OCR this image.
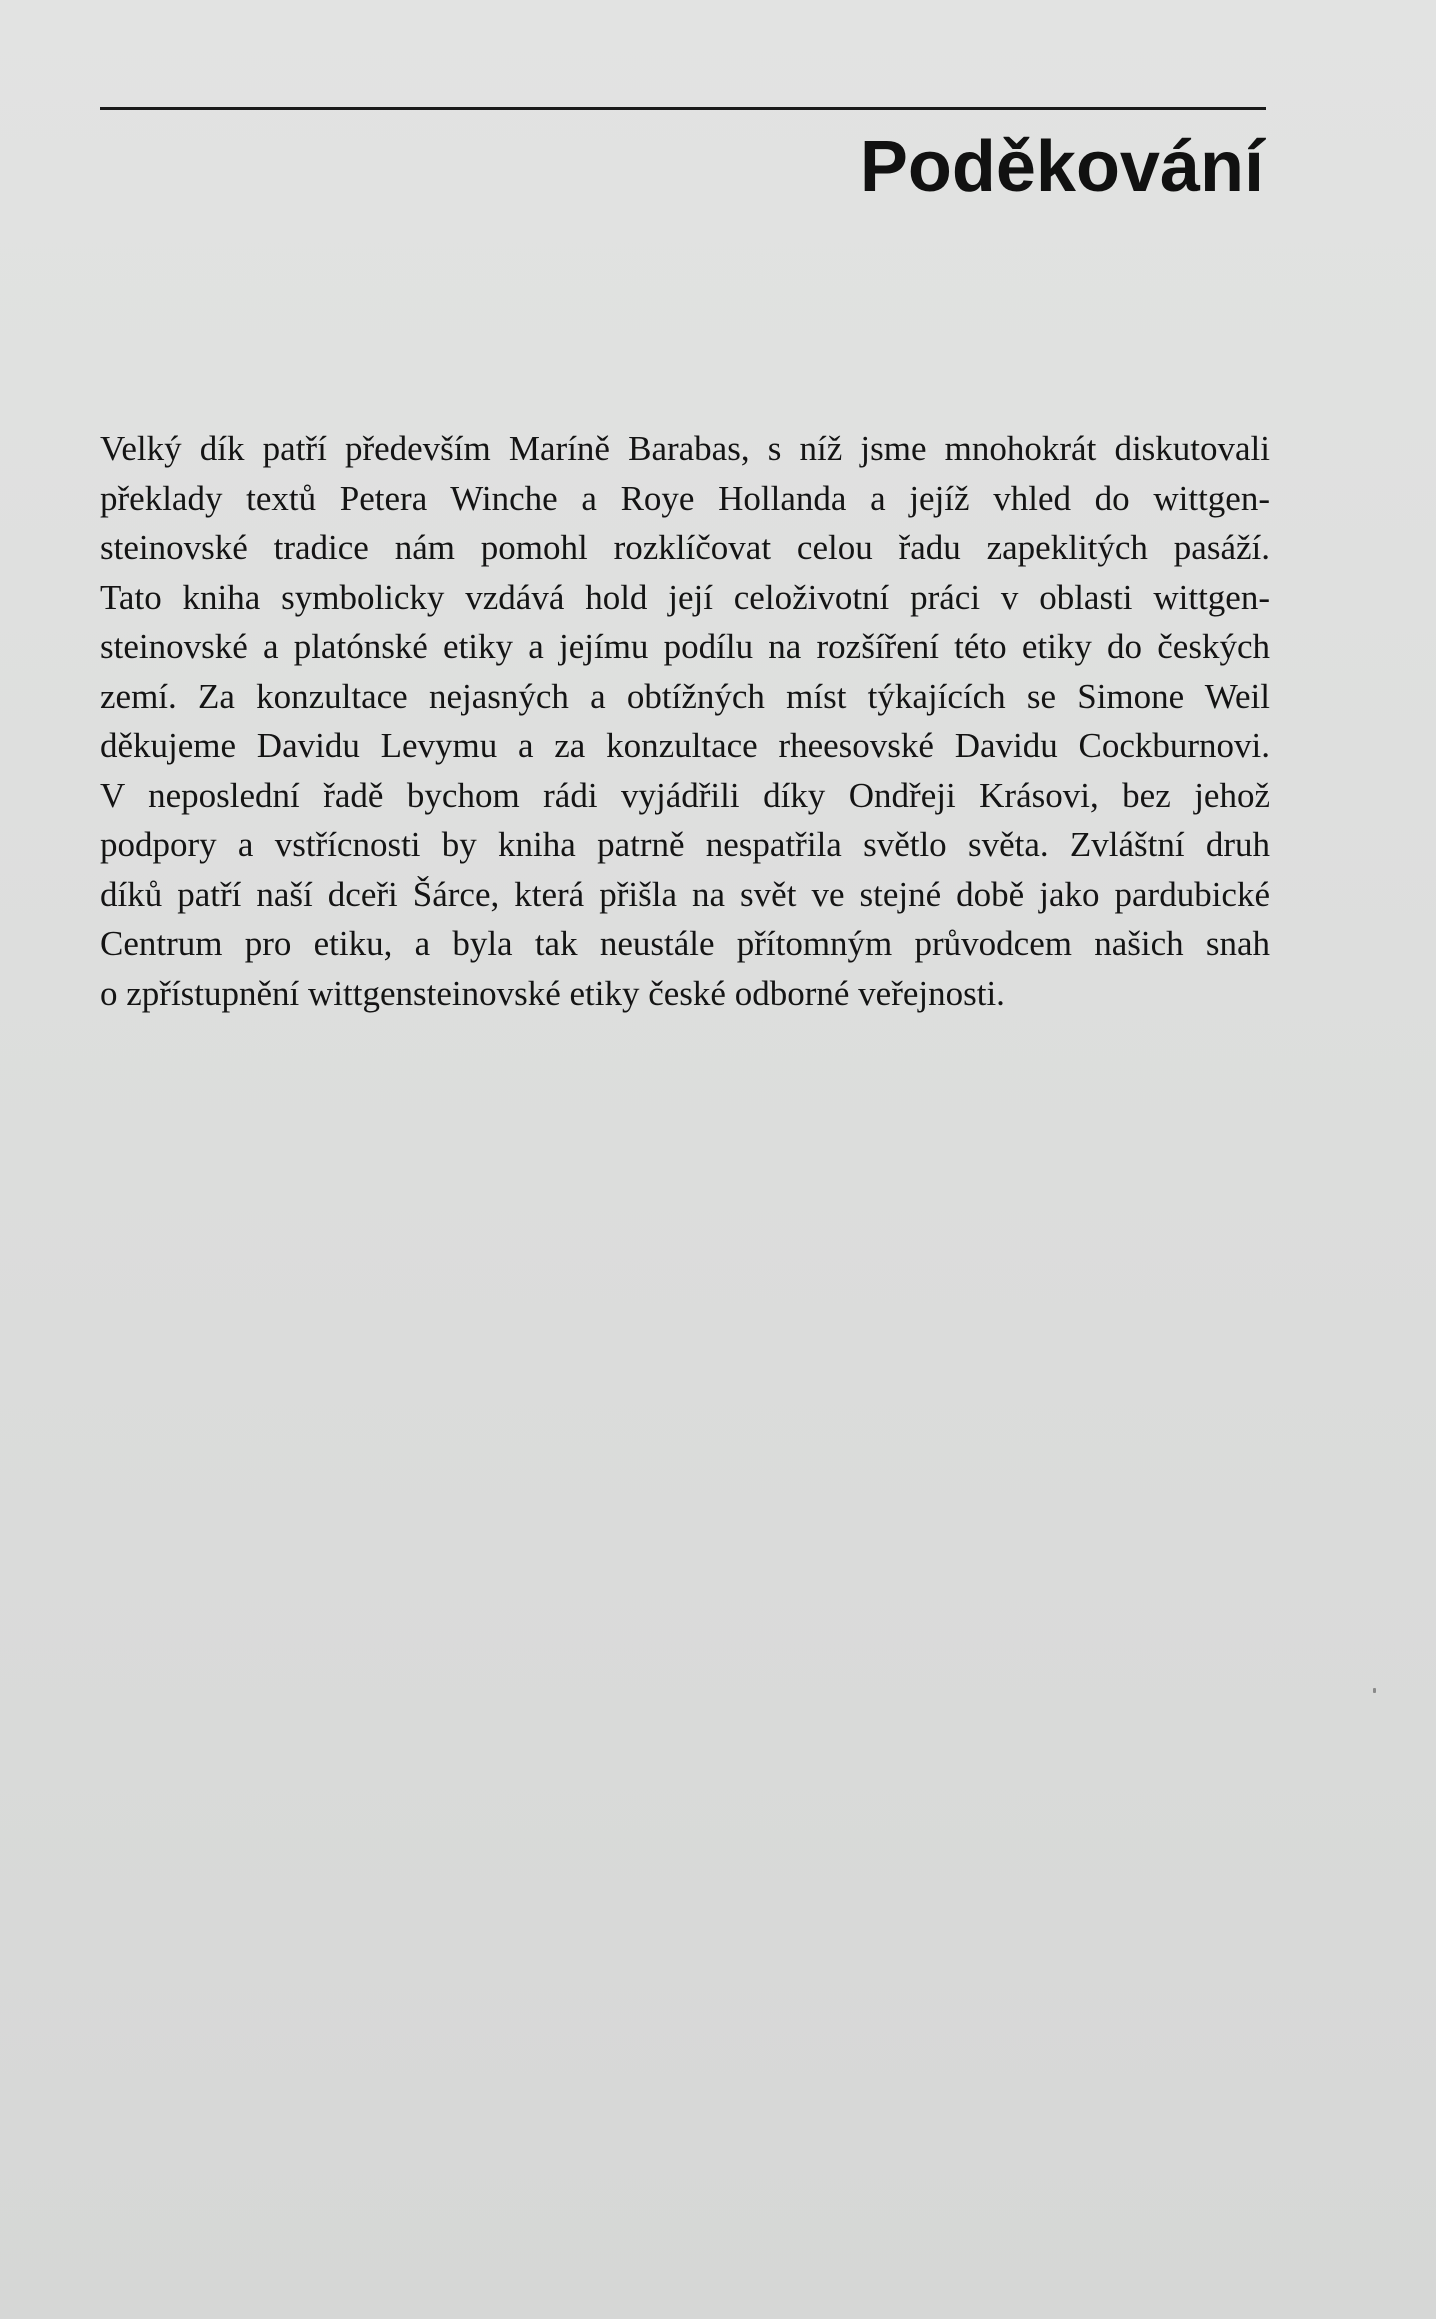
Poděkování
Velký dík patří především Maríně Barabas, s níž jsme mnohokrát diskutovali
překlady textů Petera Winche a Roye Hollanda a jejíž vhled do wittgen-
steinovské tradice nám pomohl rozklíčovat celou řadu zapeklitých pasáží.
Tato kniha symbolicky vzdává hold její celoživotní práci v oblasti wittgen-
steinovské a platónské etiky a jejímu podílu na rozšíření této etiky do českých
zemí. Za konzultace nejasných a obtížných míst týkajících se Simone Weil
děkujeme Davidu Levymu a za konzultace rheesovské Davidu Cockburnovi.
V neposlední řadě bychom rádi vyjádřili díky Ondřeji Krásovi, bez jehož
podpory a vstřícnosti by kniha patrně nespatřila světlo světa. Zvláštní druh
díků patří naší dceři Šárce, která přišla na svět ve stejné době jako pardubické
Centrum pro etiku, a byla tak neustále přítomným průvodcem našich snah
o zpřístupnění wittgensteinovské etiky české odborné veřejnosti.
